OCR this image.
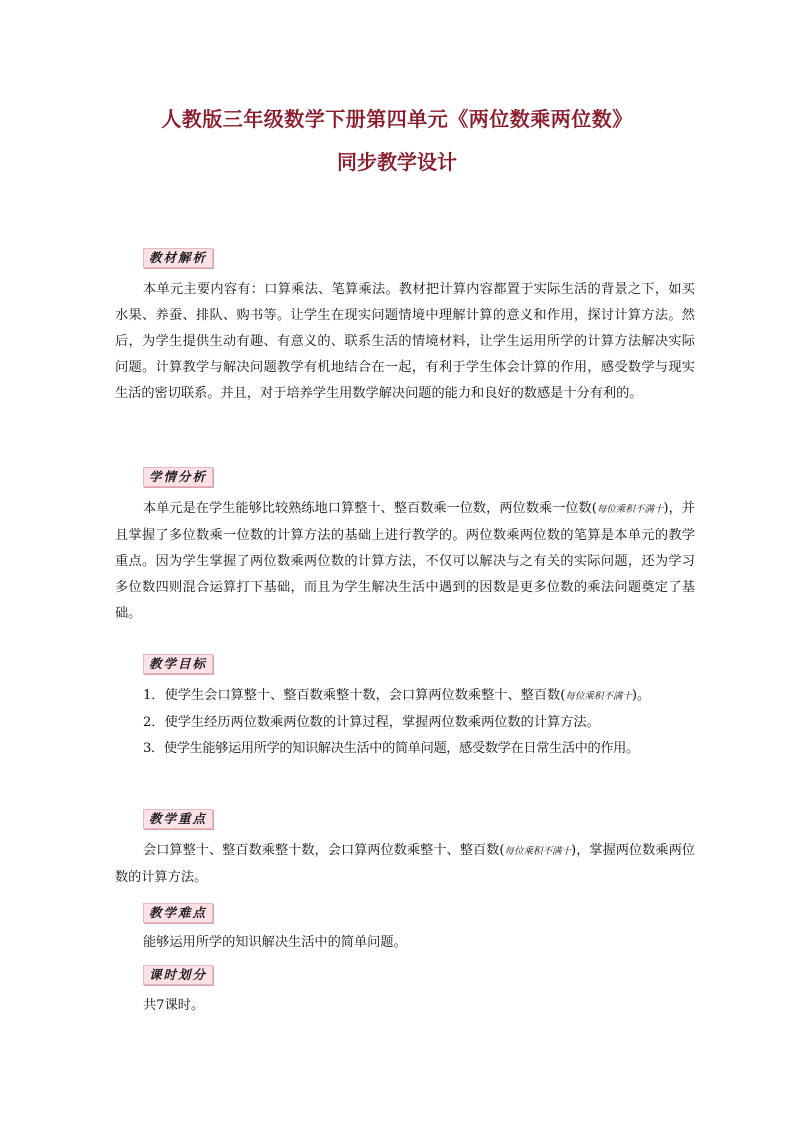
人教版三年级数学下册第四单元《两位数乘两位数》
同步教学设计
教材解析

本单元主要内容有：口算乘法、笔算乘法。教材把计算内容都置于实际生活的背景之下，如买水果、养蚕、排队、购书等。让学生在现实问题情境中理解计算的意义和作用，探讨计算方法。然后，为学生提供生动有趣、有意义的、联系生活的情境材料，让学生运用所学的计算方法解决实际问题。计算教学与解决问题教学有机地结合在一起，有利于学生体会计算的作用，感受数学与现实生活的密切联系。并且，对于培养学生用数学解决问题的能力和良好的数感是十分有利的。

学情分析

本单元是在学生能够比较熟练地口算整十、整百数乘一位数，两位数乘一位数(每位乘积不满十)，并且掌握了多位数乘一位数的计算方法的基础上进行教学的。两位数乘两位数的笔算是本单元的教学重点。因为学生掌握了两位数乘两位数的计算方法，不仅可以解决与之有关的实际问题，还为学习多位数四则混合运算打下基础，而且为学生解决生活中遇到的因数是更多位数的乘法问题奠定了基础。

教学目标

1．使学生会口算整十、整百数乘整十数，会口算两位数乘整十、整百数(每位乘积不满十)。

2．使学生经历两位数乘两位数的计算过程，掌握两位数乘两位数的计算方法。

3．使学生能够运用所学的知识解决生活中的简单问题，感受数学在日常生活中的作用。

教学重点

会口算整十、整百数乘整十数，会口算两位数乘整十、整百数(每位乘积不满十)，掌握两位数乘两位数的计算方法。

教学难点

能够运用所学的知识解决生活中的简单问题。

课时划分

共7课时。
